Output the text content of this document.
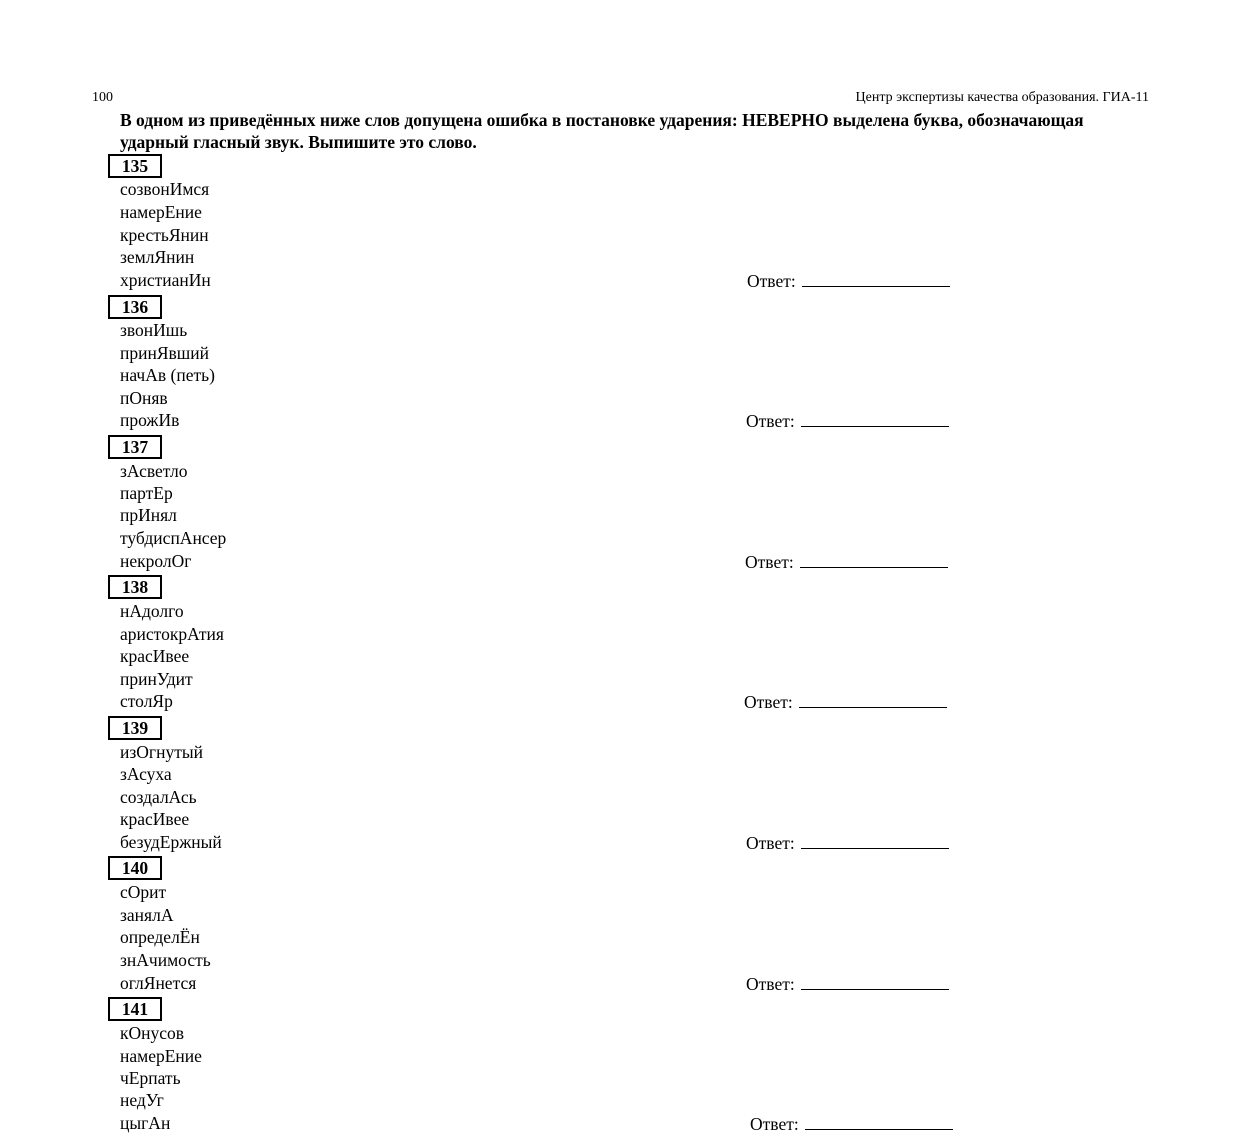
100	Центр экспертизы качества образования. ГИА-11
В одном из приведённых ниже слов допущена ошибка в постановке ударения: НЕВЕРНО выделена буква, обозначающая ударный гласный звук. Выпишите это слово.
135
созвонИмся
намерЕние
крестьЯнин
землЯнин
христианИн	Ответ:
136
звонИшь
принЯвший
начАв (петь)
пОняв
прожИв	Ответ:
137
зАсветло
партЕр
прИнял
тубдиспАнсер
некролОг	Ответ:
138
нАдолго
аристокрАтия
красИвее
принУдит
столЯр	Ответ:
139
изОгнутый
зАсуха
создалАсь
красИвее
безудЕржный	Ответ:
140
сОрит
занялА
определЁн
знАчимость
оглЯнется	Ответ:
141
кОнусов
намерЕние
чЕрпать
недУг
цыгАн	Ответ:
